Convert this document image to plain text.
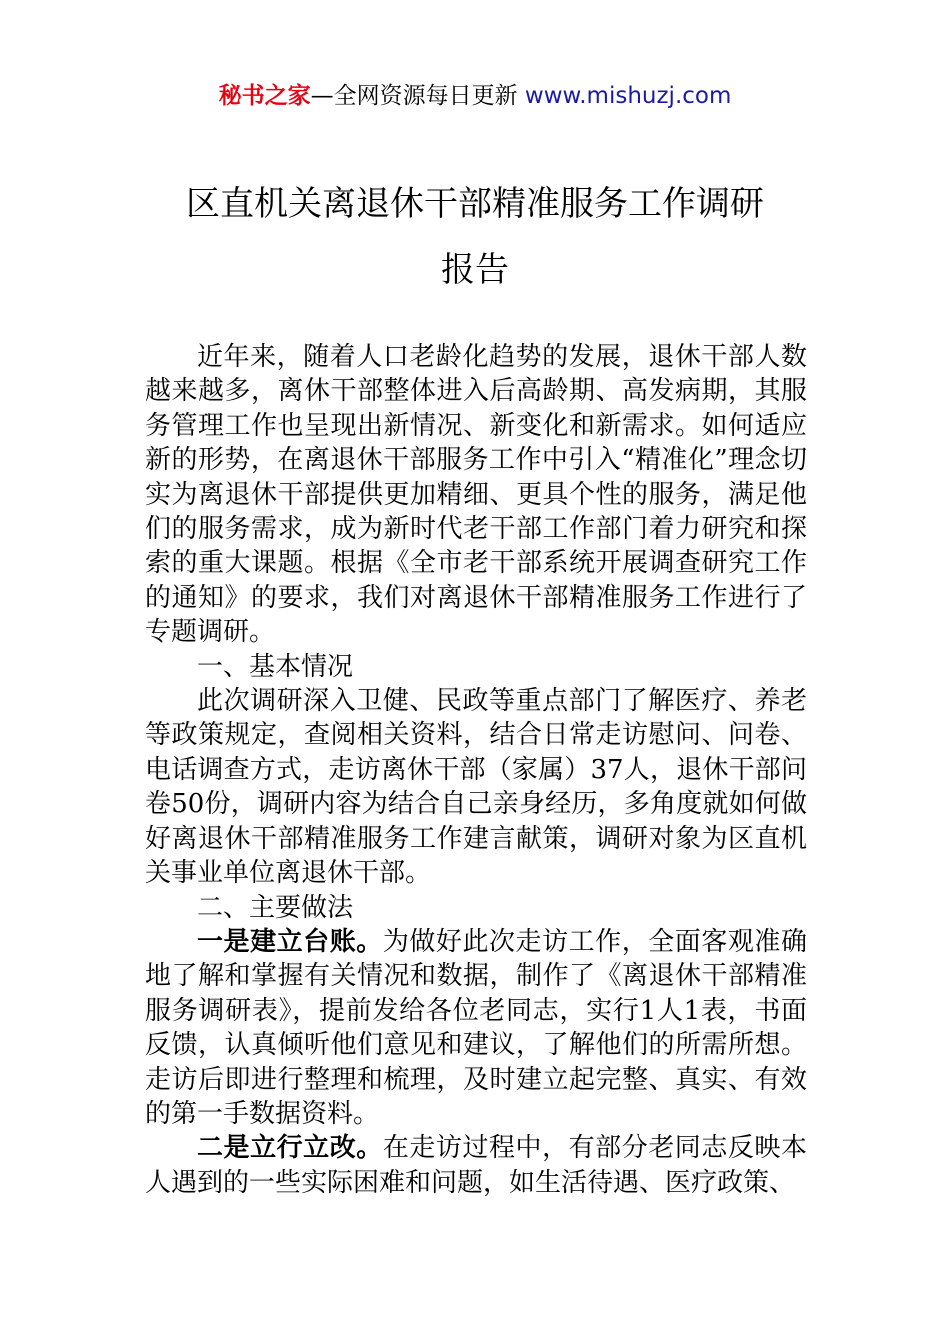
秘书之家—全网资源每日更新 www.mishuzj.com
区直机关离退休干部精准服务工作调研
报告

近年来，随着人口老龄化趋势的发展，退休干部人数越来越多，离休干部整体进入后高龄期、高发病期，其服务管理工作也呈现出新情况、新变化和新需求。如何适应新的形势，在离退休干部服务工作中引入“精准化”理念切实为离退休干部提供更加精细、更具个性的服务，满足他们的服务需求，成为新时代老干部工作部门着力研究和探索的重大课题。根据《全市老干部系统开展调查研究工作的通知》的要求，我们对离退休干部精准服务工作进行了专题调研。

一、基本情况

此次调研深入卫健、民政等重点部门了解医疗、养老等政策规定，查阅相关资料，结合日常走访慰问、问卷、电话调查方式，走访离休干部（家属）37人，退休干部问卷50份，调研内容为结合自己亲身经历，多角度就如何做好离退休干部精准服务工作建言献策，调研对象为区直机关事业单位离退休干部。

二、主要做法

一是建立台账。为做好此次走访工作，全面客观准确地了解和掌握有关情况和数据，制作了《离退休干部精准服务调研表》，提前发给各位老同志，实行1人1表，书面反馈，认真倾听他们意见和建议，了解他们的所需所想。走访后即进行整理和梳理，及时建立起完整、真实、有效的第一手数据资料。

二是立行立改。在走访过程中，有部分老同志反映本人遇到的一些实际困难和问题，如生活待遇、医疗政策、
